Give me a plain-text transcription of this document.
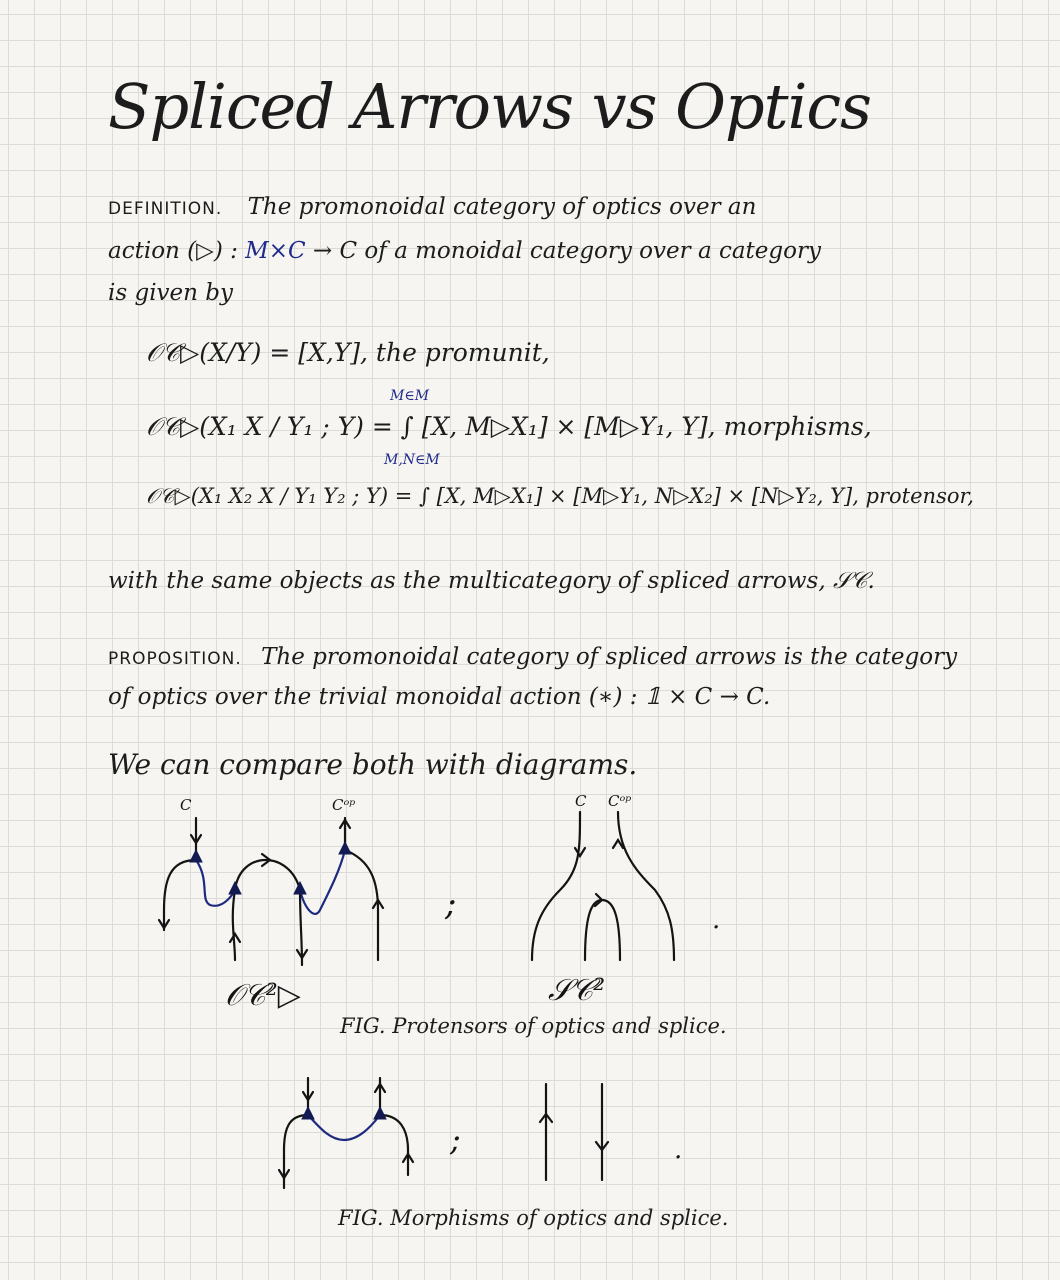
Spliced Arrows vs Optics
DEFINITION. The promonoidal category of optics over an
action (▷) : M×C → C of a monoidal category over a category
is given by
𝒪𝒞▷(X/Y) = [X,Y], the promunit,
M∈M
𝒪𝒞▷(X₁ X / Y₁ ; Y) = ∫ [X, M▷X₁] × [M▷Y₁, Y], morphisms,
M,N∈M
𝒪𝒞▷(X₁ X₂ X / Y₁ Y₂ ; Y) = ∫ [X, M▷X₁] × [M▷Y₁, N▷X₂] × [N▷Y₂, Y], protensor,
with the same objects as the multicategory of spliced arrows, 𝒮𝒞.
PROPOSITION. The promonoidal category of spliced arrows is the category
of optics over the trivial monoidal action (∗) : 𝟙 × C → C.
We can compare both with diagrams.
C	Cᵒᵖ
𝒪𝒞²▷
;
C Cᵒᵖ
.
𝒮𝒞²
FIG. Protensors of optics and splice.
;	.
FIG. Morphisms of optics and splice.
